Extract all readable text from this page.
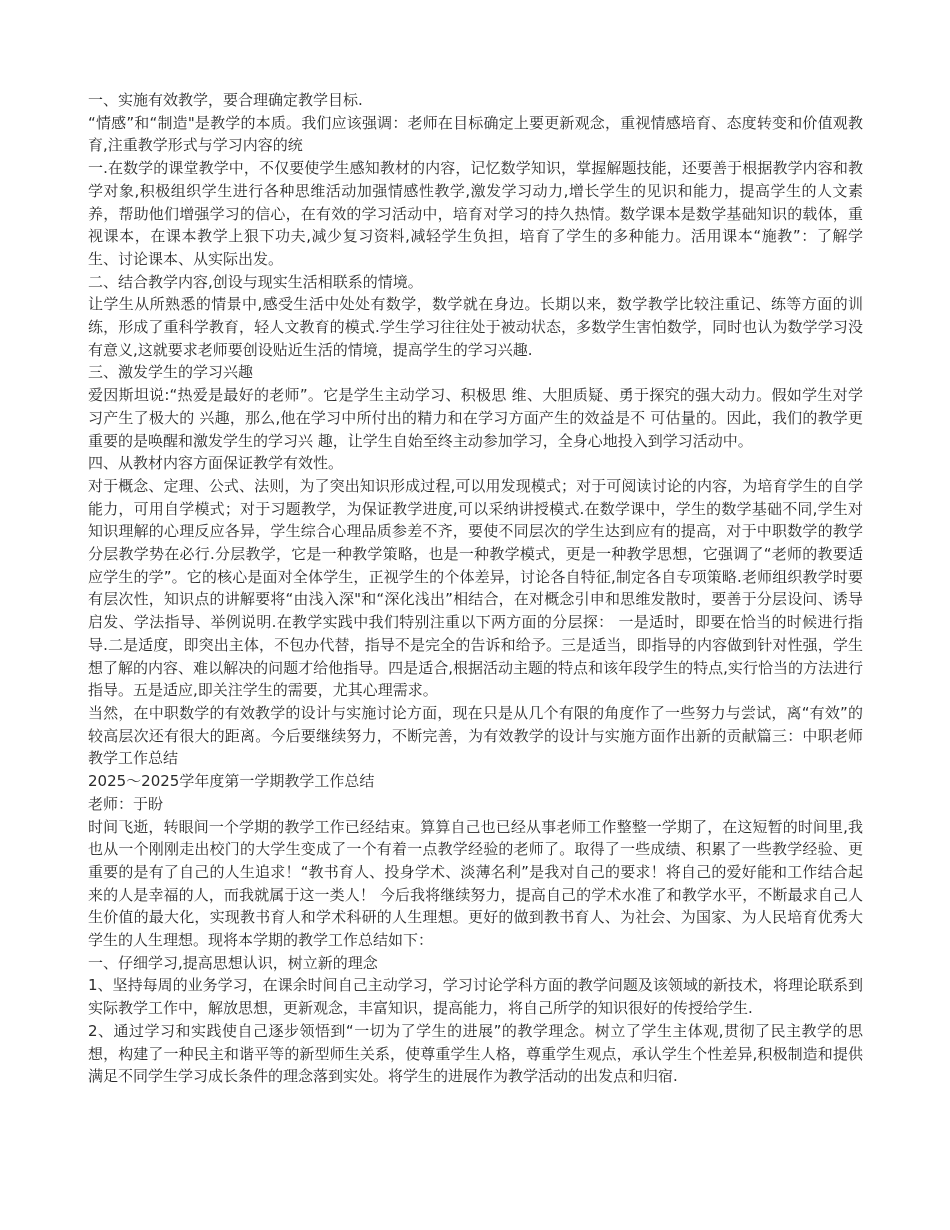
一、实施有效教学，要合理确定教学目标.

“情感”和“制造"是教学的本质。我们应该强调：老师在目标确定上要更新观念，重视情感培育、态度转变和价值观教育,注重教学形式与学习内容的统

一.在数学的课堂教学中，不仅要使学生感知教材的内容，记忆数学知识，掌握解题技能，还要善于根据教学内容和教学对象,积极组织学生进行各种思维活动加强情感性教学,激发学习动力,增长学生的见识和能力，提高学生的人文素养，帮助他们增强学习的信心，在有效的学习活动中，培育对学习的持久热情。数学课本是数学基础知识的载体，重视课本，在课本教学上狠下功夫,减少复习资料,减轻学生负担，培育了学生的多种能力。活用课本“施教”：了解学生、讨论课本、从实际出发。

二、结合教学内容,创设与现实生活相联系的情境。

让学生从所熟悉的情景中,感受生活中处处有数学，数学就在身边。长期以来，数学教学比较注重记、练等方面的训练，形成了重科学教育，轻人文教育的模式.学生学习往往处于被动状态，多数学生害怕数学，同时也认为数学学习没有意义,这就要求老师要创设贴近生活的情境，提高学生的学习兴趣.

三、激发学生的学习兴趣

爱因斯坦说:“热爱是最好的老师”。它是学生主动学习、积极思 维、大胆质疑、勇于探究的强大动力。假如学生对学习产生了极大的 兴趣，那么,他在学习中所付出的精力和在学习方面产生的效益是不 可估量的。因此，我们的教学更重要的是唤醒和激发学生的学习兴 趣，让学生自始至终主动参加学习，全身心地投入到学习活动中。

四、从教材内容方面保证教学有效性。

对于概念、定理、公式、法则，为了突出知识形成过程,可以用发现模式；对于可阅读讨论的内容，为培育学生的自学能力，可用自学模式；对于习题教学，为保证教学进度,可以采纳讲授模式.在数学课中，学生的数学基础不同,学生对知识理解的心理反应各异，学生综合心理品质参差不齐，要使不同层次的学生达到应有的提高，对于中职数学的教学分层教学势在必行.分层教学，它是一种教学策略，也是一种教学模式，更是一种教学思想，它强调了“老师的教要适应学生的学”。它的核心是面对全体学生，正视学生的个体差异，讨论各自特征,制定各自专项策略.老师组织教学时要有层次性，知识点的讲解要将“由浅入深"和“深化浅出”相结合，在对概念引申和思维发散时，要善于分层设问、诱导启发、学法指导、举例说明.在教学实践中我们特别注重以下两方面的分层探： 一是适时，即要在恰当的时候进行指导.二是适度，即突出主体，不包办代替，指导不是完全的告诉和给予。三是适当，即指导的内容做到针对性强，学生想了解的内容、难以解决的问题才给他指导。四是适合,根据活动主题的特点和该年段学生的特点,实行恰当的方法进行指导。五是适应,即关注学生的需要，尤其心理需求。

当然，在中职数学的有效教学的设计与实施讨论方面，现在只是从几个有限的角度作了一些努力与尝试，离“有效”的较高层次还有很大的距离。今后要继续努力，不断完善，为有效教学的设计与实施方面作出新的贡献篇三：中职老师教学工作总结

2025～2025学年度第一学期教学工作总结

老师：于盼

时间飞逝，转眼间一个学期的教学工作已经结束。算算自己也已经从事老师工作整整一学期了，在这短暂的时间里,我也从一个刚刚走出校门的大学生变成了一个有着一点教学经验的老师了。取得了一些成绩、积累了一些教学经验、更重要的是有了自己的人生追求！“教书育人、投身学术、淡薄名利”是我对自己的要求！将自己的爱好能和工作结合起来的人是幸福的人，而我就属于这一类人！ 今后我将继续努力，提高自己的学术水准了和教学水平，不断最求自己人生价值的最大化，实现教书育人和学术科研的人生理想。更好的做到教书育人、为社会、为国家、为人民培育优秀大学生的人生理想。现将本学期的教学工作总结如下：

一、仔细学习,提高思想认识，树立新的理念

1、坚持每周的业务学习，在课余时间自己主动学习，学习讨论学科方面的教学问题及该领域的新技术，将理论联系到实际教学工作中，解放思想，更新观念，丰富知识，提高能力，将自己所学的知识很好的传授给学生.

2、通过学习和实践使自己逐步领悟到“一切为了学生的进展”的教学理念。树立了学生主体观,贯彻了民主教学的思想，构建了一种民主和谐平等的新型师生关系，使尊重学生人格，尊重学生观点，承认学生个性差异,积极制造和提供满足不同学生学习成长条件的理念落到实处。将学生的进展作为教学活动的出发点和归宿.
